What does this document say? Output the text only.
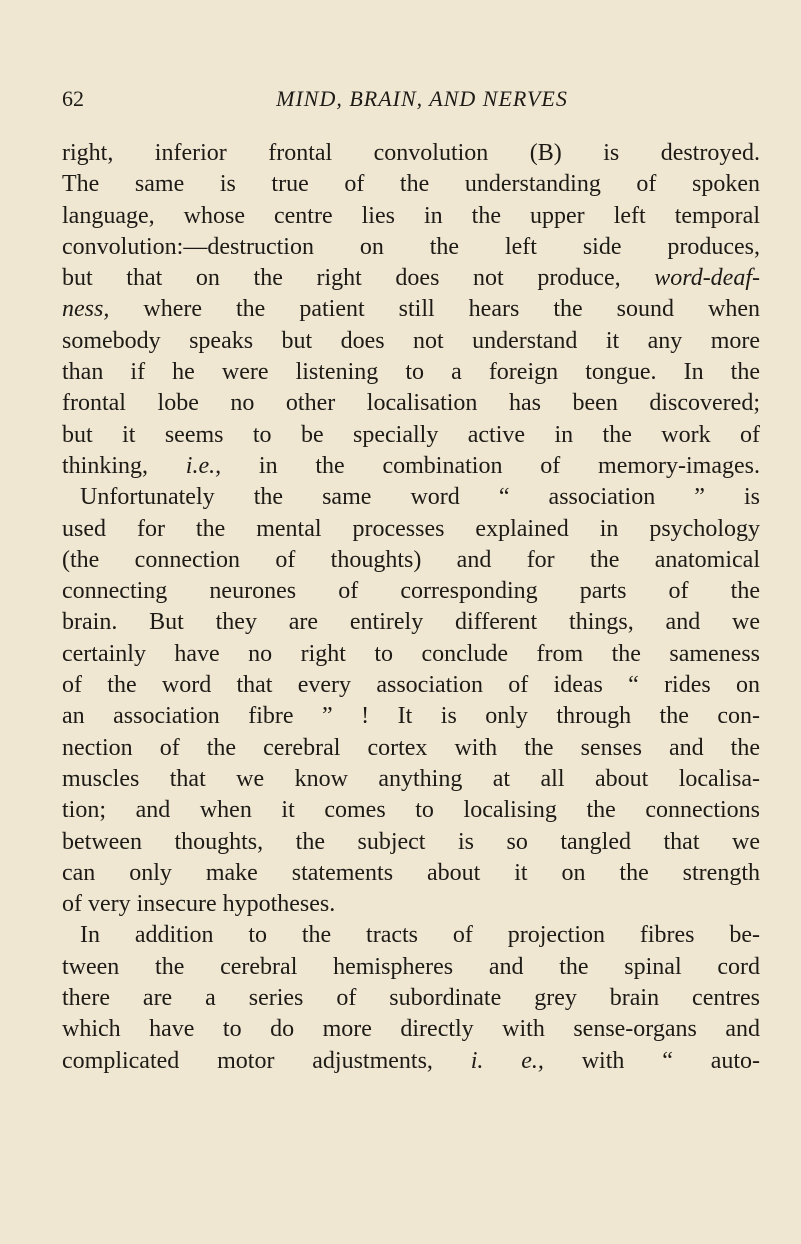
62	MIND, BRAIN, AND NERVES
right, inferior frontal convolution (B) is destroyed.
The same is true of the understanding of spoken
language, whose centre lies in the upper left temporal
convolution:—destruction on the left side produces,
but that on the right does not produce, word-deaf-
ness, where the patient still hears the sound when
somebody speaks but does not understand it any more
than if he were listening to a foreign tongue. In the
frontal lobe no other localisation has been discovered;
but it seems to be specially active in the work of
thinking, i.e., in the combination of memory-images.
Unfortunately the same word “ association ” is
used for the mental processes explained in psychology
(the connection of thoughts) and for the anatomical
connecting neurones of corresponding parts of the
brain. But they are entirely different things, and we
certainly have no right to conclude from the sameness
of the word that every association of ideas “ rides on
an association fibre ” ! It is only through the con-
nection of the cerebral cortex with the senses and the
muscles that we know anything at all about localisa-
tion; and when it comes to localising the connections
between thoughts, the subject is so tangled that we
can only make statements about it on the strength
of very insecure hypotheses.
In addition to the tracts of projection fibres be-
tween the cerebral hemispheres and the spinal cord
there are a series of subordinate grey brain centres
which have to do more directly with sense-organs and
complicated motor adjustments, i. e., with “ auto-
